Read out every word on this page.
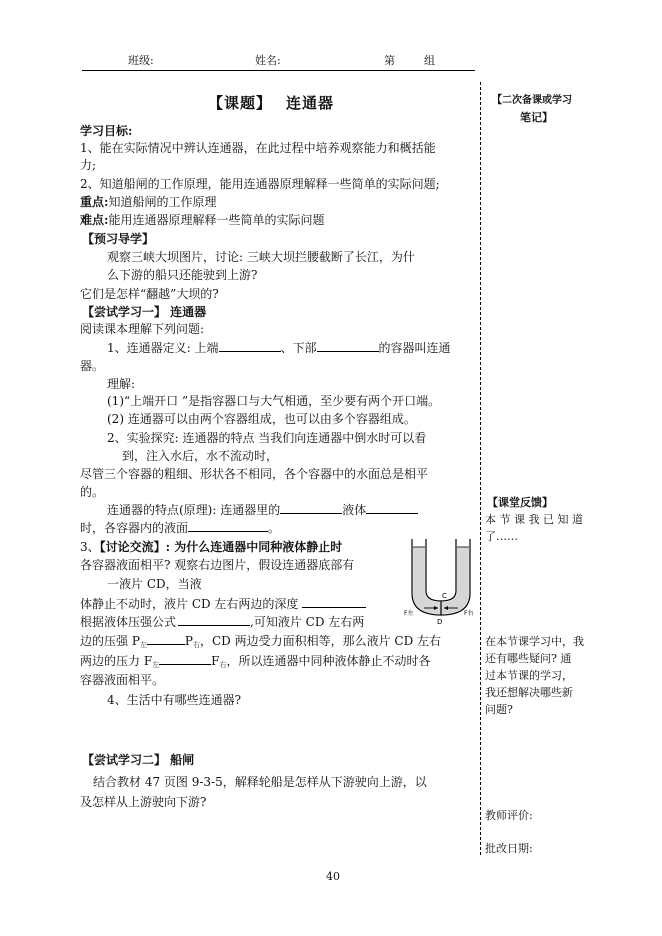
班级:	姓名:	第	组
【课题】 连通器
学习目标:
1、能在实际情况中辨认连通器，在此过程中培养观察能力和概括能
力;
2、知道船闸的工作原理，能用连通器原理解释一些简单的实际问题;
重点:知道船闸的工作原理
难点:能用连通器原理解释一些简单的实际问题
【预习导学】
观察三峡大坝图片，讨论: 三峡大坝拦腰截断了长江，为什
么下游的船只还能驶到上游?
它们是怎样“翻越”大坝的?
【尝试学习一】 连通器
阅读课本理解下列问题:
1、连通器定义: 上端	、下部	的容器叫连通
器。
理解:
(1)“上端开口 ”是指容器口与大气相通，至少要有两个开口端。
(2) 连通器可以由两个容器组成，也可以由多个容器组成。
2、实验探究: 连通器的特点 当我们向连通器中倒水时可以看
到，注入水后，水不流动时，
尽管三个容器的粗细、形状各不相同，各个容器中的水面总是相平
的。
连通器的特点(原理): 连通器里的	液体
时，各容器内的液面	。
3、【讨论交流】: 为什么连通器中同种液体静止时
各容器液面相平? 观察右边图片，假设连通器底部有
一液片 CD，当液
体静止不动时，液片 CD 左右两边的深度
根据液体压强公式	,可知液片 CD 左右两
边的压强 P左	P右，CD 两边受力面积相等，那么液片 CD 左右
两边的压力 F左	F右，所以连通器中同种液体静止不动时各
容器液面相平。
4、生活中有哪些连通器?
C
D
F左	F右
【尝试学习二】 船闸
结合教材 47 页图 9-3-5，解释轮船是怎样从下游驶向上游，以
及怎样从上游驶向下游?
【二次备课或学习
笔记】
【课堂反馈】
本 节 课 我 已 知 道
了……
在本节课学习中，我
还有哪些疑问? 通
过本节课的学习，
我还想解决哪些新
问题?
教师评价:
批改日期:
40
